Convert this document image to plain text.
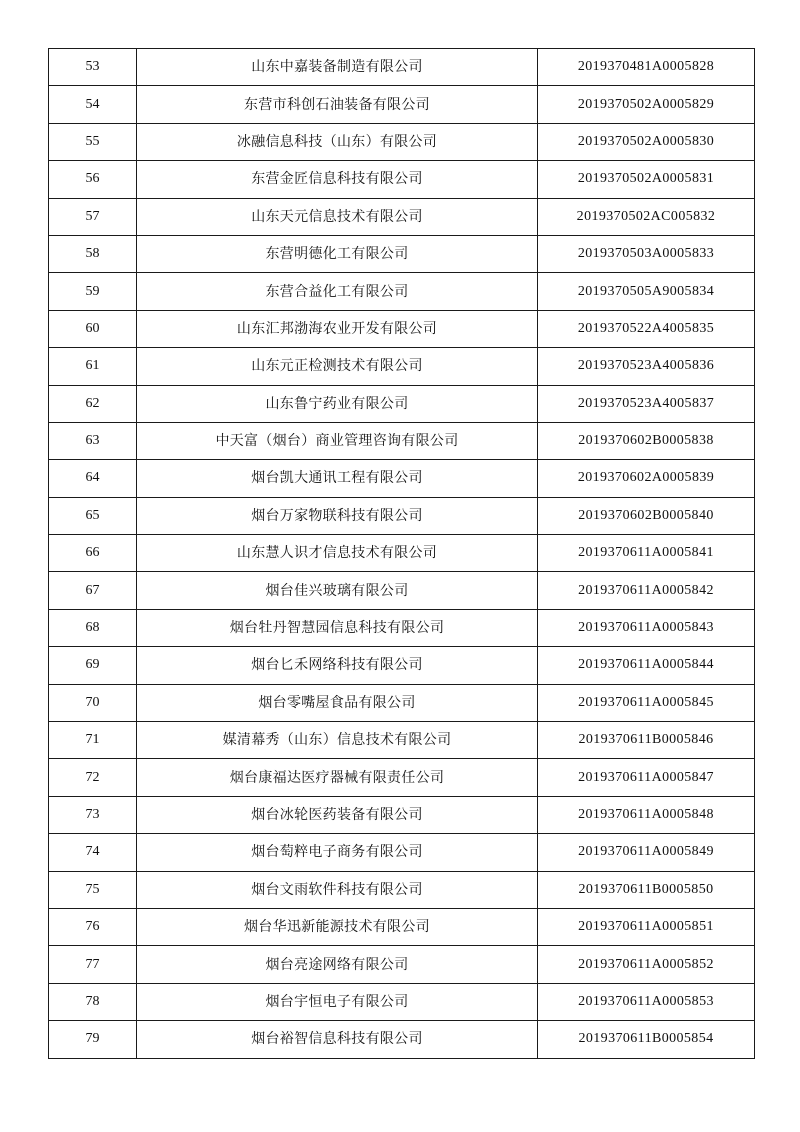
53	山东中嘉装备制造有限公司	2019370481A0005828
54	东营市科创石油装备有限公司	2019370502A0005829
55	冰融信息科技（山东）有限公司	2019370502A0005830
56	东营金匠信息科技有限公司	2019370502A0005831
57	山东天元信息技术有限公司	2019370502AC005832
58	东营明德化工有限公司	2019370503A0005833
59	东营合益化工有限公司	2019370505A9005834
60	山东汇邦渤海农业开发有限公司	2019370522A4005835
61	山东元正检测技术有限公司	2019370523A4005836
62	山东鲁宁药业有限公司	2019370523A4005837
63	中天富（烟台）商业管理咨询有限公司	2019370602B0005838
64	烟台凯大通讯工程有限公司	2019370602A0005839
65	烟台万家物联科技有限公司	2019370602B0005840
66	山东慧人识才信息技术有限公司	2019370611A0005841
67	烟台佳兴玻璃有限公司	2019370611A0005842
68	烟台牡丹智慧园信息科技有限公司	2019370611A0005843
69	烟台匕禾网络科技有限公司	2019370611A0005844
70	烟台零嘴屋食品有限公司	2019370611A0005845
71	媒清幕秀（山东）信息技术有限公司	2019370611B0005846
72	烟台康福达医疗器械有限责任公司	2019370611A0005847
73	烟台冰轮医药装备有限公司	2019370611A0005848
74	烟台萄粹电子商务有限公司	2019370611A0005849
75	烟台文雨软件科技有限公司	2019370611B0005850
76	烟台华迅新能源技术有限公司	2019370611A0005851
77	烟台亮途网络有限公司	2019370611A0005852
78	烟台宇恒电子有限公司	2019370611A0005853
79	烟台裕智信息科技有限公司	2019370611B0005854
